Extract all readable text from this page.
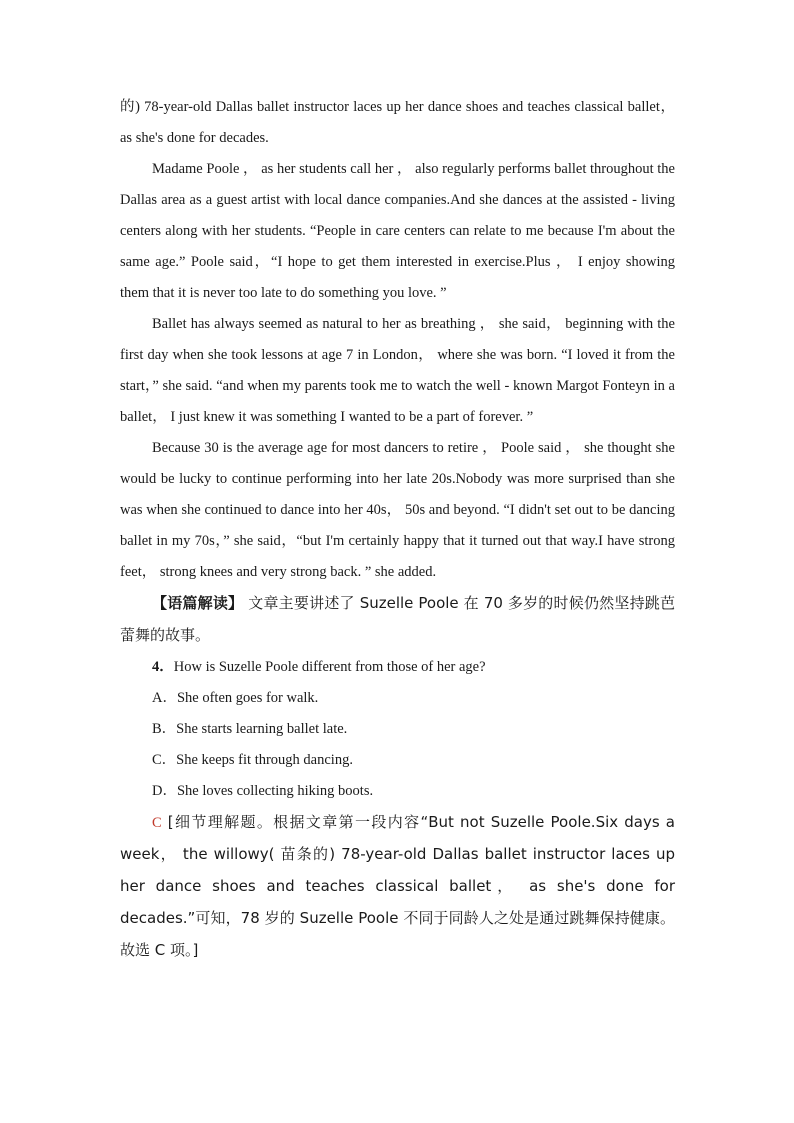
的) 78-year-old Dallas ballet instructor laces up her dance shoes and teaches classical ballet， as she's done for decades.

Madame Poole ， as her students call her ， also regularly performs ballet throughout the Dallas area as a guest artist with local dance companies.And she dances at the assisted - living centers along with her students. “People in care centers can relate to me because I'm about the same age.” Poole said，“I hope to get them interested in exercise.Plus ， I enjoy showing them that it is never too late to do something you love. ”

Ballet has always seemed as natural to her as breathing ， she said， beginning with the first day when she took lessons at age 7 in London， where she was born. “I loved it from the start，” she said. “and when my parents took me to watch the well - known Margot Fonteyn in a ballet， I just knew it was something I wanted to be a part of forever. ”

Because 30 is the average age for most dancers to retire ， Poole said ， she thought she would be lucky to continue performing into her late 20s.Nobody was more surprised than she was when she continued to dance into her 40s， 50s and beyond. “I didn't set out to be dancing ballet in my 70s，” she said，“but I'm certainly happy that it turned out that way.I have strong feet， strong knees and very strong back. ” she added.

【语篇解读】 文章主要讲述了 Suzelle Poole 在 70 多岁的时候仍然坚持跳芭蕾舞的故事。

4．How is Suzelle Poole different from those of her age?

A．She often goes for walk.

B．She starts learning ballet late.

C．She keeps fit through dancing.

D．She loves collecting hiking boots.

C [细节理解题。根据文章第一段内容“But not Suzelle Poole.Six days a week， the willowy( 苗条的) 78-year-old Dallas ballet instructor laces up her dance shoes and teaches classical ballet， as she's done for decades.”可知，78 岁的 Suzelle Poole 不同于同龄人之处是通过跳舞保持健康。故选 C 项。]
